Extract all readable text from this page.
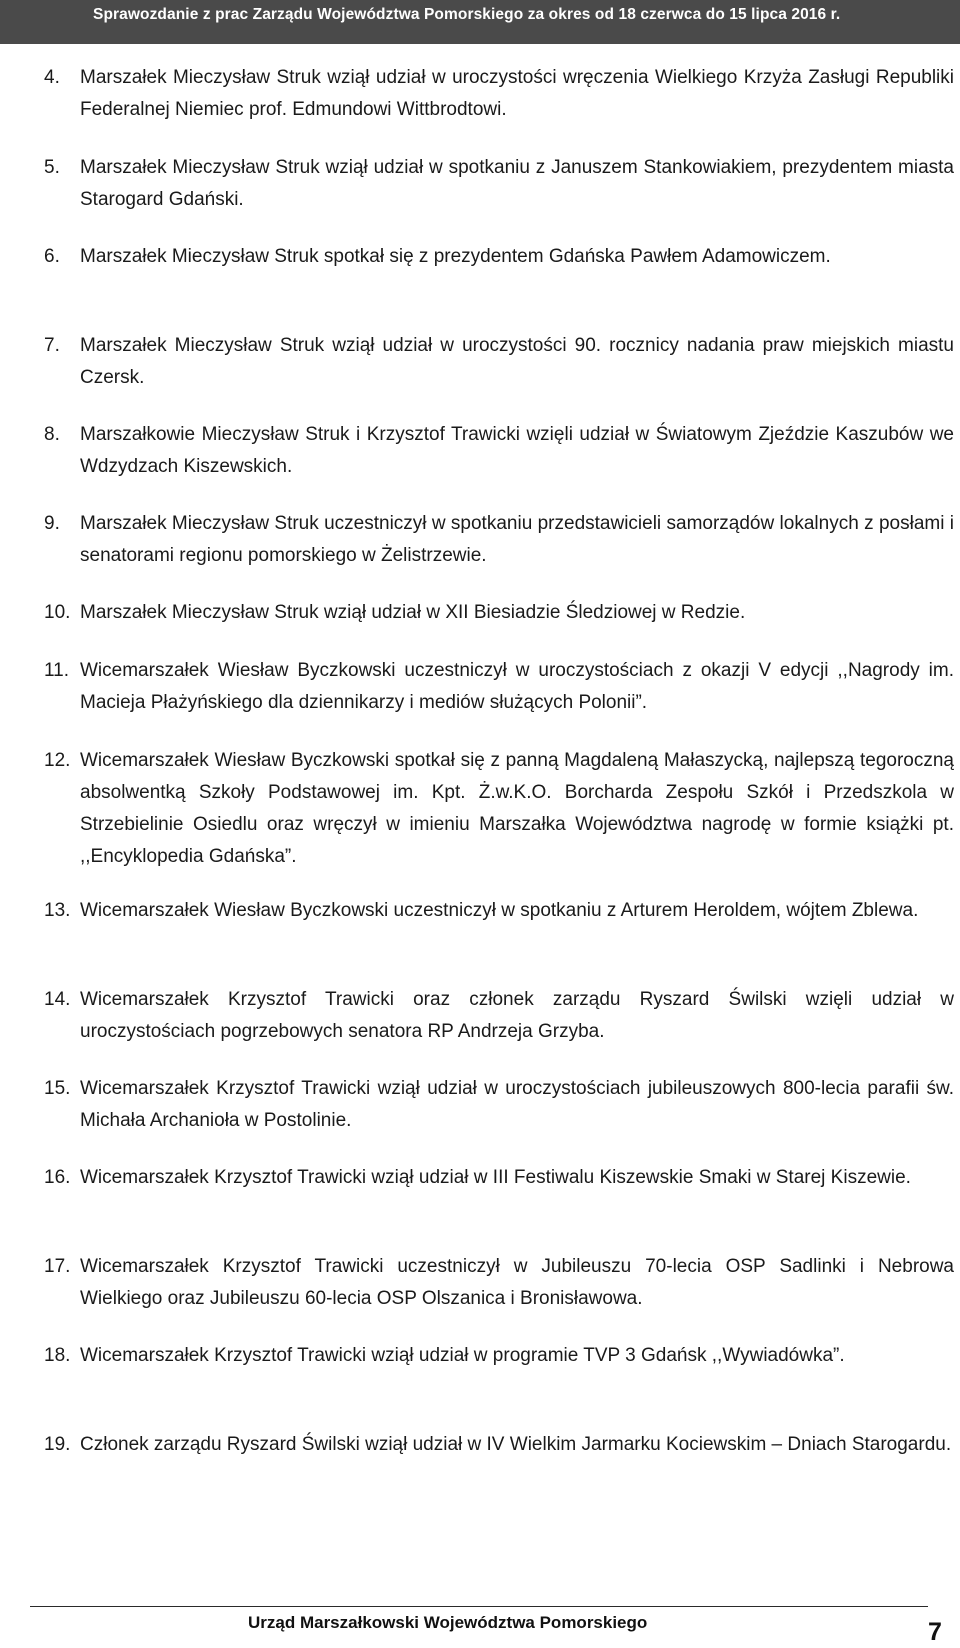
Sprawozdanie z prac Zarządu Województwa Pomorskiego za okres od 18 czerwca do 15 lipca 2016 r.
4.	Marszałek Mieczysław Struk wziął udział w uroczystości wręczenia Wielkiego Krzyża Zasługi Republiki Federalnej Niemiec prof. Edmundowi Wittbrodtowi.
5.	Marszałek Mieczysław Struk wziął udział w spotkaniu z Januszem Stankowiakiem, prezydentem miasta Starogard Gdański.
6.	Marszałek Mieczysław Struk spotkał się z prezydentem Gdańska Pawłem Adamowiczem.
7.	Marszałek Mieczysław Struk wziął udział w uroczystości 90. rocznicy nadania praw miejskich miastu Czersk.
8.	Marszałkowie Mieczysław Struk i Krzysztof Trawicki wzięli udział w Światowym Zjeździe Kaszubów we Wdzydzach Kiszewskich.
9.	Marszałek Mieczysław Struk uczestniczył w spotkaniu przedstawicieli samorządów lokalnych z posłami i senatorami regionu pomorskiego w Żelistrzewie.
10. Marszałek Mieczysław Struk wziął udział w XII Biesiadzie Śledziowej w Redzie.
11. Wicemarszałek Wiesław Byczkowski uczestniczył w uroczystościach z okazji V edycji ,,Nagrody im. Macieja Płażyńskiego dla dziennikarzy i mediów służących Polonii”.
12. Wicemarszałek Wiesław Byczkowski spotkał się z panną Magdaleną Małaszycką, najlepszą tegoroczną absolwentką Szkoły Podstawowej im. Kpt. Ż.w.K.O. Borcharda Zespołu Szkół i Przedszkola w Strzebielinie Osiedlu oraz wręczył w imieniu Marszałka Województwa nagrodę w formie książki pt. ,,Encyklopedia Gdańska”.
13. Wicemarszałek Wiesław Byczkowski uczestniczył w spotkaniu z Arturem Heroldem, wójtem Zblewa.
14. Wicemarszałek Krzysztof Trawicki oraz członek zarządu Ryszard Świlski wzięli udział w uroczystościach pogrzebowych senatora RP Andrzeja Grzyba.
15. Wicemarszałek Krzysztof Trawicki wziął udział w uroczystościach jubileuszowych 800-lecia parafii św. Michała Archanioła w Postolinie.
16. Wicemarszałek Krzysztof Trawicki wziął udział w III Festiwalu Kiszewskie Smaki w Starej Kiszewie.
17. Wicemarszałek Krzysztof Trawicki uczestniczył w Jubileuszu 70-lecia OSP Sadlinki i Nebrowa Wielkiego oraz Jubileuszu 60-lecia OSP Olszanica i Bronisławowa.
18. Wicemarszałek Krzysztof Trawicki wziął udział w programie TVP 3 Gdańsk ,,Wywiadówka”.
19. Członek zarządu Ryszard Świlski wziął udział w IV Wielkim Jarmarku Kociewskim – Dniach Starogardu.
Urząd Marszałkowski Województwa Pomorskiego	7
